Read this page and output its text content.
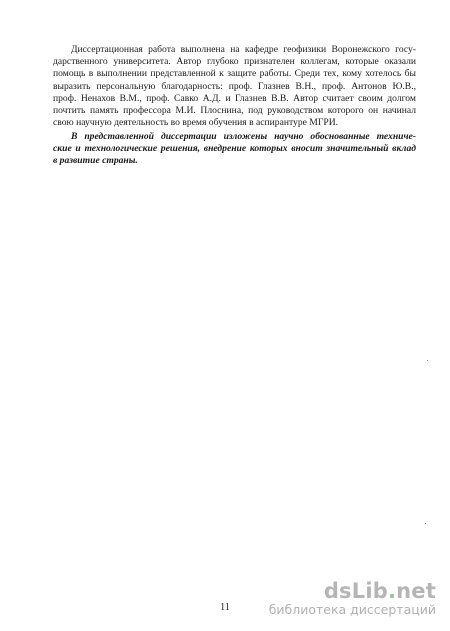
Диссертационная работа выполнена на кафедре геофизики Воронежского госу-
дарственного университета. Автор глубоко признателен коллегам, которые оказали
помощь в выполнении представленной к защите работы. Среди тех, кому хотелось бы
выразить персональную благодарность: проф. Глазнев В.Н., проф. Антонов Ю.В.,
проф. Ненахов В.М., проф. Савко А.Д. и Глазнев В.В. Автор считает своим долгом
почтить память профессора М.И. Плоснина, под руководством которого он начинал
свою научную деятельность во время обучения в аспирантуре МГРИ.
В представленной диссертации изложены научно обоснованные техниче-
ские и технологические решения, внедрение которых вносит значительный вклад
в развитие страны.
11
dsLib.net
библиотека диссертаций
